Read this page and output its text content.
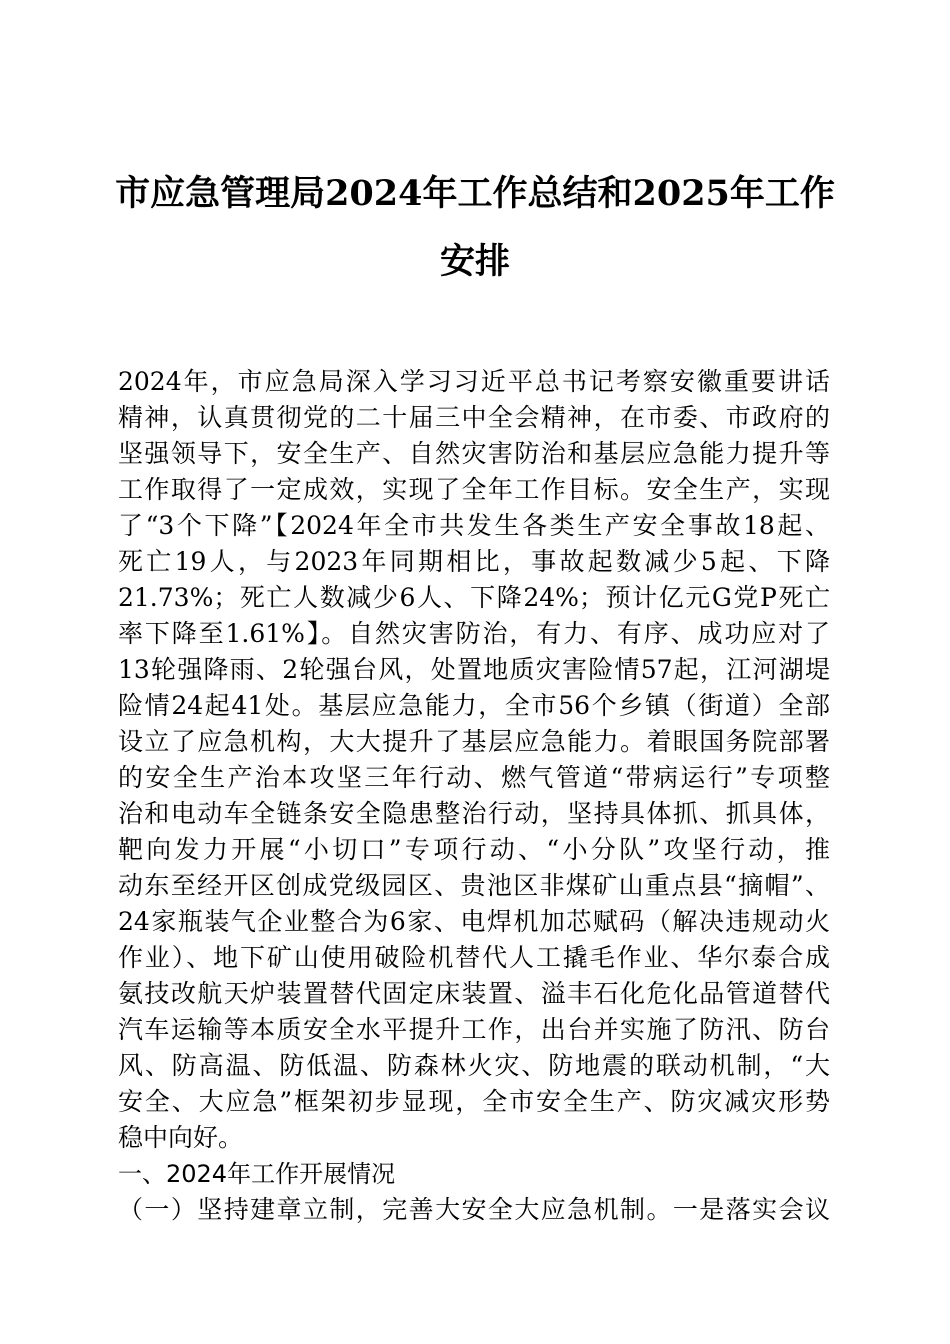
市应急管理局2024年工作总结和2025年工作
安排
2024年，市应急局深入学习习近平总书记考察安徽重要讲话
精神，认真贯彻党的二十届三中全会精神，在市委、市政府的
坚强领导下，安全生产、自然灾害防治和基层应急能力提升等
工作取得了一定成效，实现了全年工作目标。安全生产，实现
了“3个下降”【2024年全市共发生各类生产安全事故18起、
死亡19人，与2023年同期相比，事故起数减少5起、下降
21.73%；死亡人数减少6人、下降24%；预计亿元G党P死亡
率下降至1.61%】。自然灾害防治，有力、有序、成功应对了
13轮强降雨、2轮强台风，处置地质灾害险情57起，江河湖堤
险情24起41处。基层应急能力，全市56个乡镇（街道）全部
设立了应急机构，大大提升了基层应急能力。着眼国务院部署
的安全生产治本攻坚三年行动、燃气管道“带病运行”专项整
治和电动车全链条安全隐患整治行动，坚持具体抓、抓具体，
靶向发力开展“小切口”专项行动、“小分队”攻坚行动，推
动东至经开区创成党级园区、贵池区非煤矿山重点县“摘帽”、
24家瓶装气企业整合为6家、电焊机加芯赋码（解决违规动火
作业）、地下矿山使用破险机替代人工撬毛作业、华尔泰合成
氨技改航天炉装置替代固定床装置、溢丰石化危化品管道替代
汽车运输等本质安全水平提升工作，出台并实施了防汛、防台
风、防高温、防低温、防森林火灾、防地震的联动机制，“大
安全、大应急”框架初步显现，全市安全生产、防灾减灾形势
稳中向好。
一、2024年工作开展情况
（一）坚持建章立制，完善大安全大应急机制。一是落实会议
